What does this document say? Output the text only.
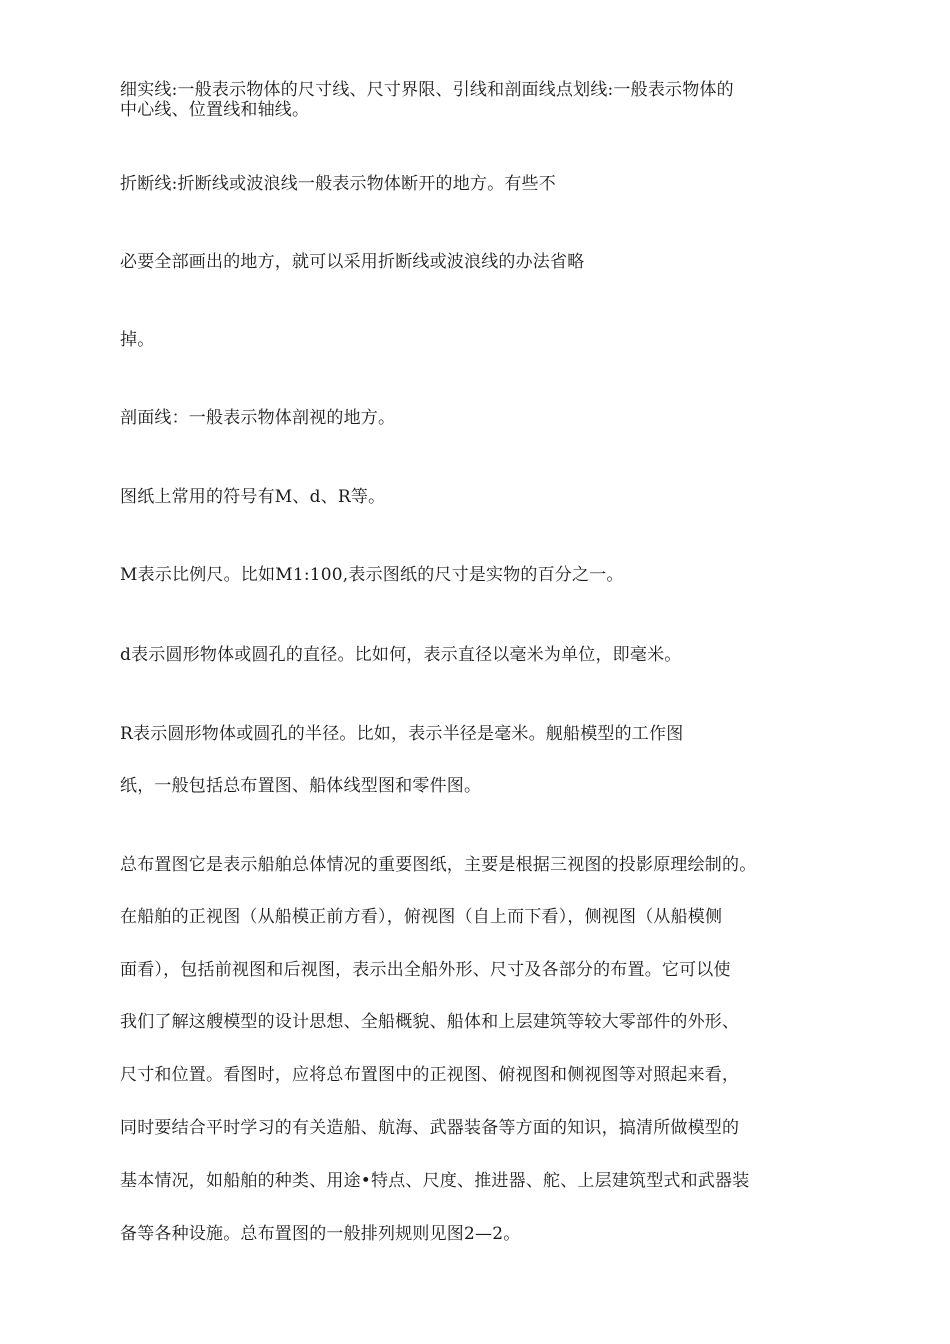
细实线:一般表示物体的尺寸线、尺寸界限、引线和剖面线点划线:一般表示物体的
中心线、位置线和轴线。
折断线:折断线或波浪线一般表示物体断开的地方。有些不
必要全部画出的地方，就可以采用折断线或波浪线的办法省略
掉。
剖面线：一般表示物体剖视的地方。
图纸上常用的符号有M、d、R等。
M表示比例尺。比如M1:100,表示图纸的尺寸是实物的百分之一。
d表示圆形物体或圆孔的直径。比如何，表示直径以毫米为单位，即毫米。
R表示圆形物体或圆孔的半径。比如，表示半径是毫米。舰船模型的工作图
纸，一般包括总布置图、船体线型图和零件图。
总布置图它是表示船舶总体情况的重要图纸，主要是根据三视图的投影原理绘制的。
在船舶的正视图（从船模正前方看），俯视图（自上而下看），侧视图（从船模侧
面看），包括前视图和后视图，表示出全船外形、尺寸及各部分的布置。它可以使
我们了解这艘模型的设计思想、全船概貌、船体和上层建筑等较大零部件的外形、
尺寸和位置。看图时，应将总布置图中的正视图、俯视图和侧视图等对照起来看，
同时要结合平时学习的有关造船、航海、武器装备等方面的知识，搞清所做模型的
基本情况，如船舶的种类、用途•特点、尺度、推进器、舵、上层建筑型式和武器装
备等各种设施。总布置图的一般排列规则见图2—2。
